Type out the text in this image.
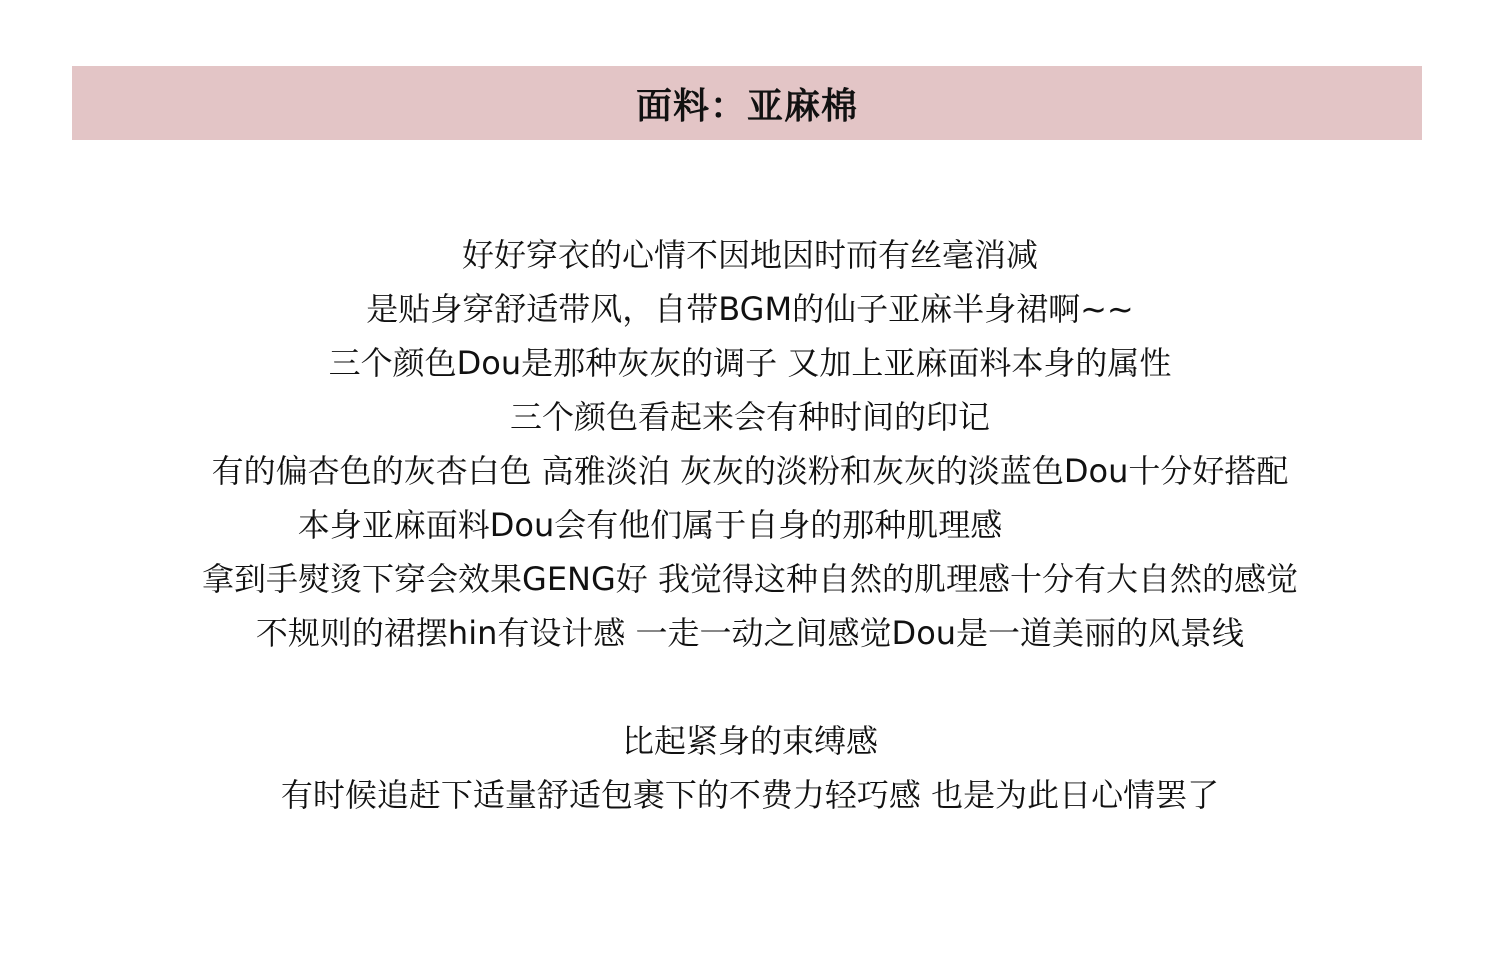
面料：亚麻棉
好好穿衣的心情不因地因时而有丝毫消减
是贴身穿舒适带风，自带BGM的仙子亚麻半身裙啊~~
三个颜色Dou是那种灰灰的调子 又加上亚麻面料本身的属性
三个颜色看起来会有种时间的印记
有的偏杏色的灰杏白色 高雅淡泊 灰灰的淡粉和灰灰的淡蓝色Dou十分好搭配
本身亚麻面料Dou会有他们属于自身的那种肌理感
拿到手熨烫下穿会效果GENG好 我觉得这种自然的肌理感十分有大自然的感觉
不规则的裙摆hin有设计感 一走一动之间感觉Dou是一道美丽的风景线
比起紧身的束缚感
有时候追赶下适量舒适包裹下的不费力轻巧感 也是为此日心情罢了
